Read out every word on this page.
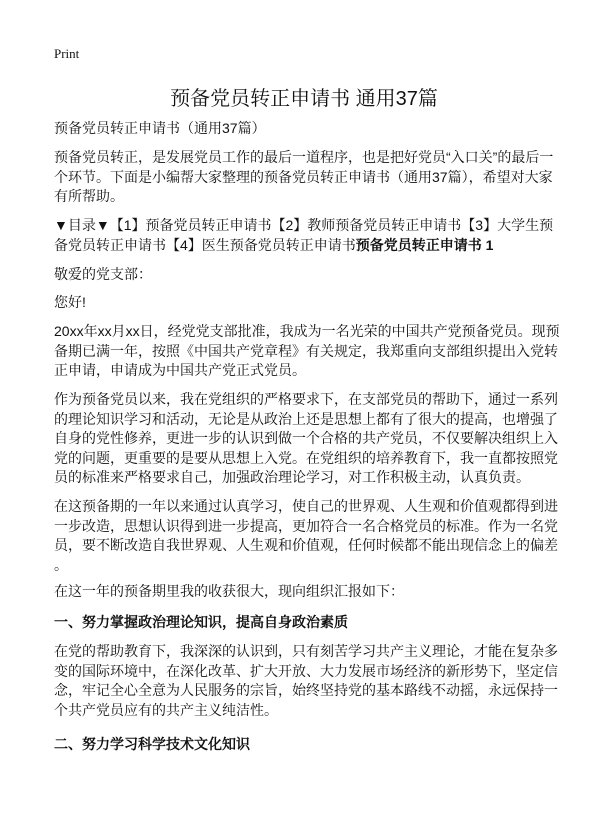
Print
预备党员转正申请书 通用37篇
预备党员转正申请书（通用37篇）
预备党员转正，是发展党员工作的最后一道程序，也是把好党员“入口关”的最后一
个环节。下面是小编帮大家整理的预备党员转正申请书（通用37篇），希望对大家
有所帮助。
▼目录▼【1】预备党员转正申请书【2】教师预备党员转正申请书【3】大学生预
备党员转正申请书【4】医生预备党员转正申请书预备党员转正申请书 1
敬爱的党支部：
您好!
20xx年xx月xx日，经党党支部批准，我成为一名光荣的中国共产党预备党员。现预
备期已满一年，按照《中国共产党章程》有关规定，我郑重向支部组织提出入党转
正申请，申请成为中国共产党正式党员。
作为预备党员以来，我在党组织的严格要求下，在支部党员的帮助下，通过一系列
的理论知识学习和活动，无论是从政治上还是思想上都有了很大的提高，也增强了
自身的党性修养，更进一步的认识到做一个合格的共产党员，不仅要解决组织上入
党的问题，更重要的是要从思想上入党。在党组织的培养教育下，我一直都按照党
员的标准来严格要求自己，加强政治理论学习，对工作积极主动，认真负责。
在这预备期的一年以来通过认真学习，使自己的世界观、人生观和价值观都得到进
一步改造，思想认识得到进一步提高，更加符合一名合格党员的标准。作为一名党
员，要不断改造自我世界观、人生观和价值观，任何时候都不能出现信念上的偏差
。
在这一年的预备期里我的收获很大，现向组织汇报如下：
一、努力掌握政治理论知识，提高自身政治素质
在党的帮助教育下，我深深的认识到，只有刻苦学习共产主义理论，才能在复杂多
变的国际环境中，在深化改革、扩大开放、大力发展市场经济的新形势下，坚定信
念，牢记全心全意为人民服务的宗旨，始终坚持党的基本路线不动摇，永远保持一
个共产党员应有的共产主义纯洁性。
二、努力学习科学技术文化知识
